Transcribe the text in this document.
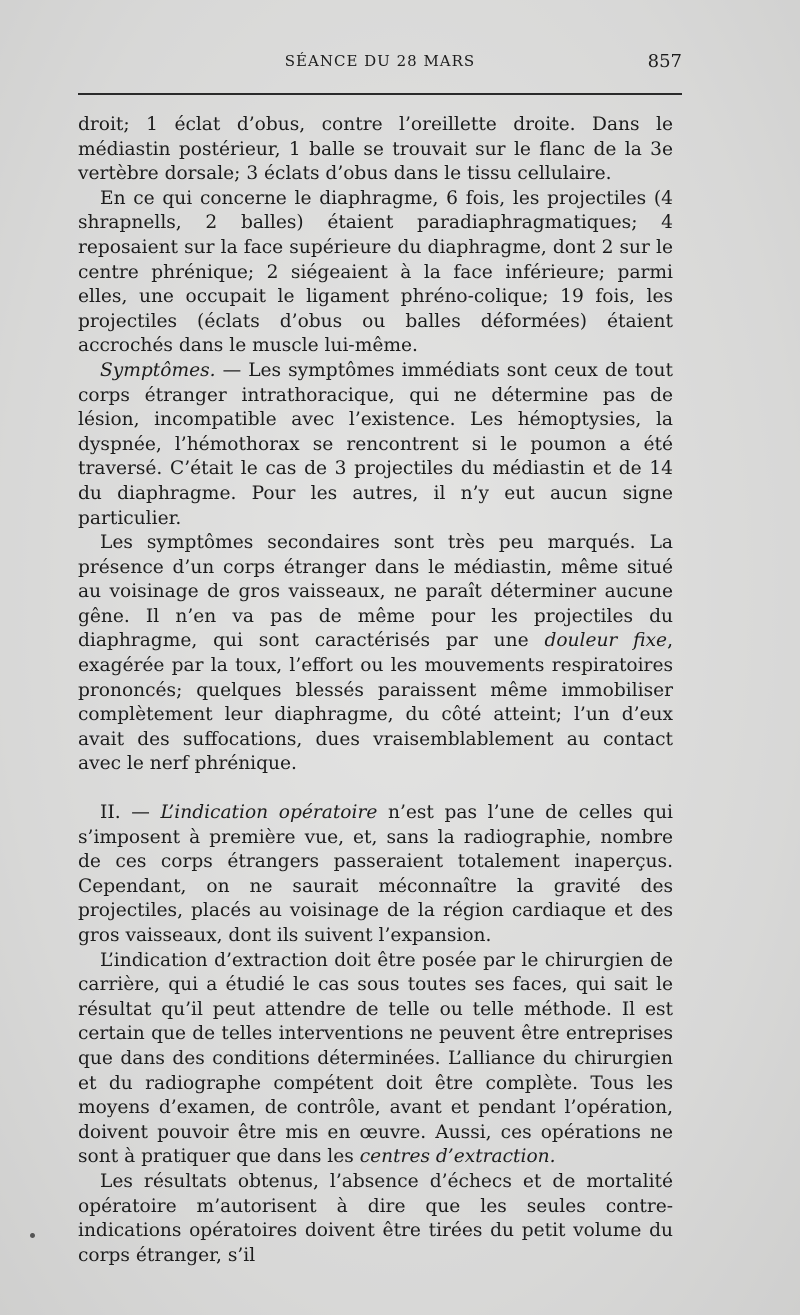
SÉANCE DU 28 MARS	857

droit; 1 éclat d’obus, contre l’oreillette droite. Dans le médiastin postérieur, 1 balle se trouvait sur le flanc de la 3e vertèbre dorsale; 3 éclats d’obus dans le tissu cellulaire.

En ce qui concerne le diaphragme, 6 fois, les projectiles (4 shrapnells, 2 balles) étaient paradiaphragmatiques; 4 reposaient sur la face supérieure du diaphragme, dont 2 sur le centre phrénique; 2 siégeaient à la face inférieure; parmi elles, une occupait le ligament phréno-colique; 19 fois, les projectiles (éclats d’obus ou balles déformées) étaient accrochés dans le muscle lui-même.

Symptômes. — Les symptômes immédiats sont ceux de tout corps étranger intrathoracique, qui ne détermine pas de lésion, incompatible avec l’existence. Les hémoptysies, la dyspnée, l’hémothorax se rencontrent si le poumon a été traversé. C’était le cas de 3 projectiles du médiastin et de 14 du diaphragme. Pour les autres, il n’y eut aucun signe particulier.

Les symptômes secondaires sont très peu marqués. La présence d’un corps étranger dans le médiastin, même situé au voisinage de gros vaisseaux, ne paraît déterminer aucune gêne. Il n’en va pas de même pour les projectiles du diaphragme, qui sont caractérisés par une douleur fixe, exagérée par la toux, l’effort ou les mouvements respiratoires prononcés; quelques blessés paraissent même immobiliser complètement leur diaphragme, du côté atteint; l’un d’eux avait des suffocations, dues vraisemblablement au contact avec le nerf phrénique.

II. — L’indication opératoire n’est pas l’une de celles qui s’imposent à première vue, et, sans la radiographie, nombre de ces corps étrangers passeraient totalement inaperçus. Cependant, on ne saurait méconnaître la gravité des projectiles, placés au voisinage de la région cardiaque et des gros vaisseaux, dont ils suivent l’expansion.

L’indication d’extraction doit être posée par le chirurgien de carrière, qui a étudié le cas sous toutes ses faces, qui sait le résultat qu’il peut attendre de telle ou telle méthode. Il est certain que de telles interventions ne peuvent être entreprises que dans des conditions déterminées. L’alliance du chirurgien et du radiographe compétent doit être complète. Tous les moyens d’examen, de contrôle, avant et pendant l’opération, doivent pouvoir être mis en œuvre. Aussi, ces opérations ne sont à pratiquer que dans les centres d’extraction.

Les résultats obtenus, l’absence d’échecs et de mortalité opératoire m’autorisent à dire que les seules contre-indications opératoires doivent être tirées du petit volume du corps étranger, s’il
